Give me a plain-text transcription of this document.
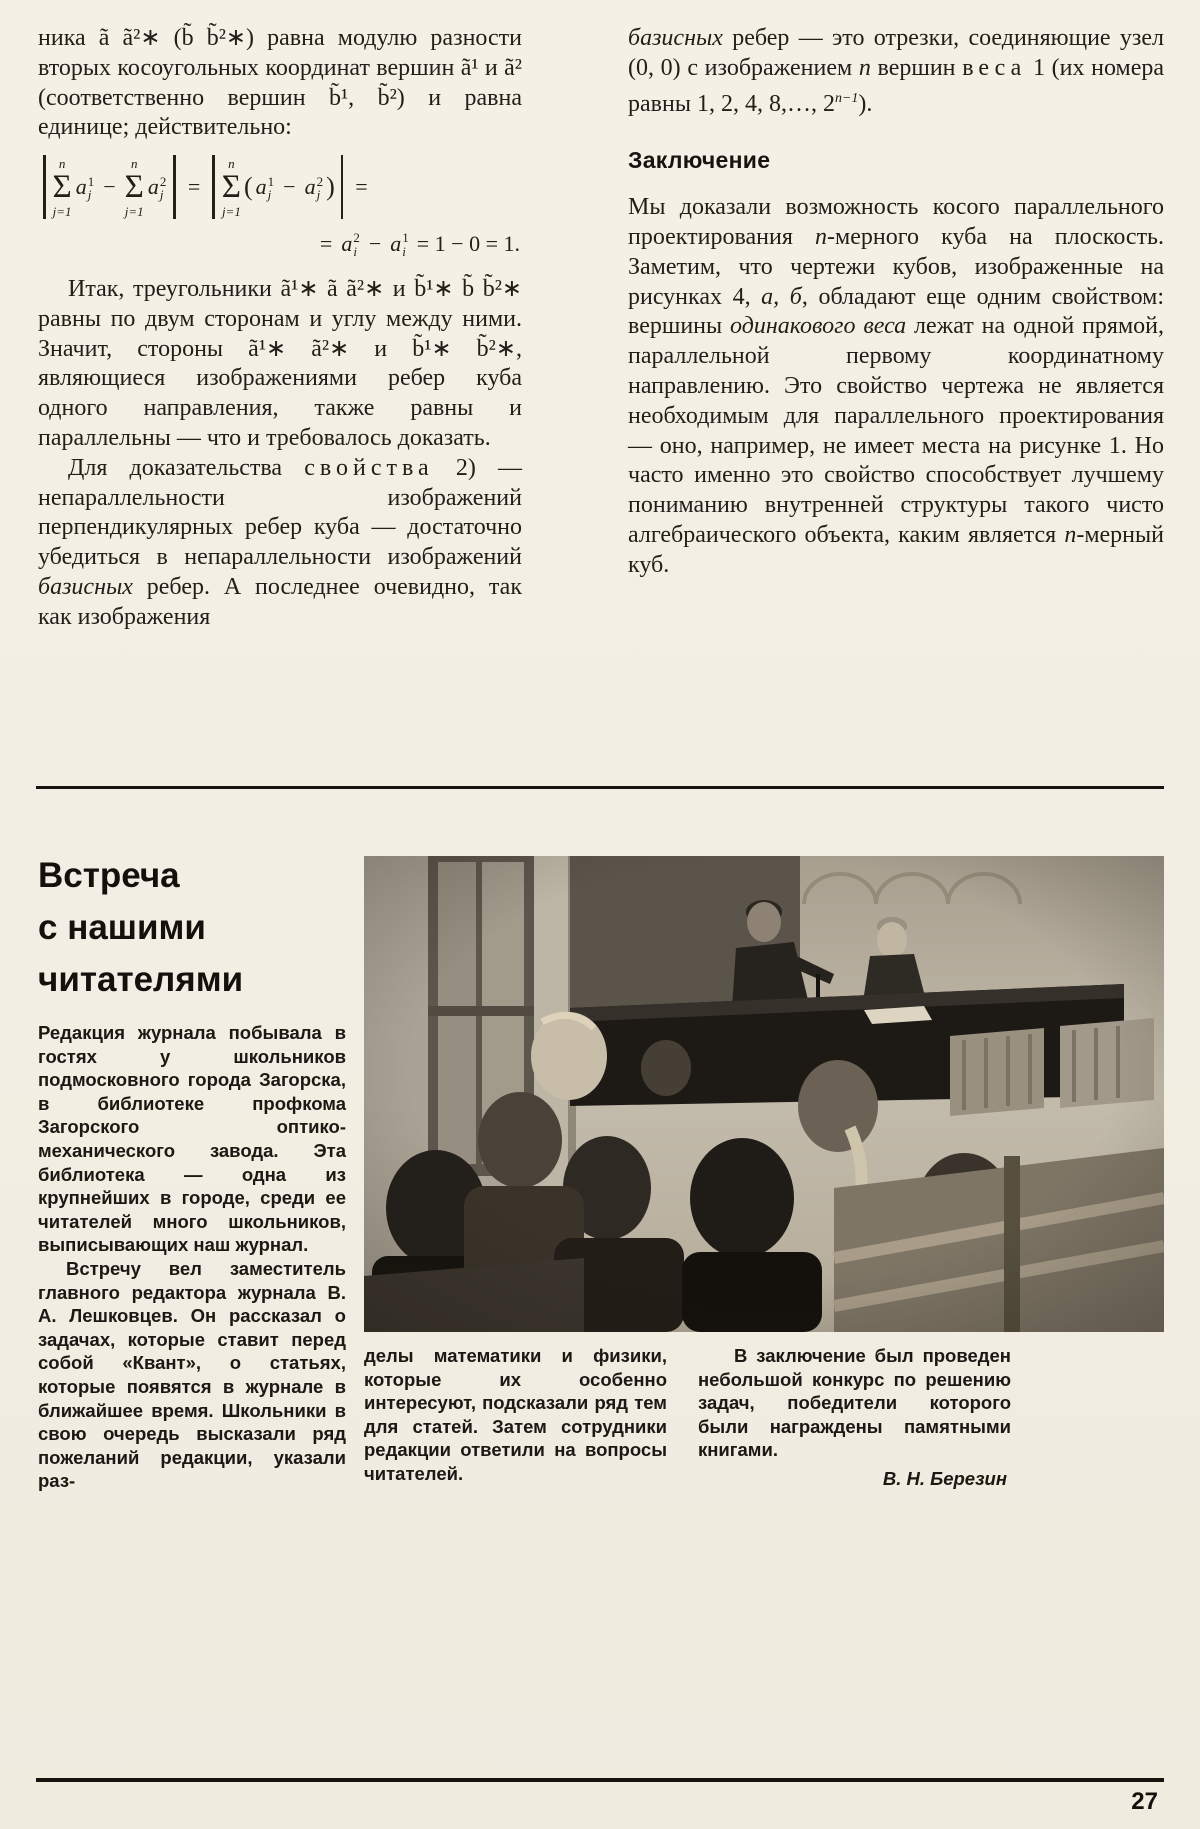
ника ã ã²∗ (b̃ b̃²∗) равна модулю разности вторых косоугольных координат вершин ã¹ и ã² (соответственно вершин b̃¹, b̃²) и равна единице; действительно:

n
Σ
j=1
a 1
j −
n
Σ
j=1
a 2
j =
n
Σ
j=1
( a 1
j − a 2
j ) =
= a 2
i − a 1
i = 1 − 0 = 1.

Итак, треугольники ã¹∗ ã ã²∗ и b̃¹∗ b̃ b̃²∗ равны по двум сторонам и углу между ними. Значит, стороны ã¹∗ ã²∗ и b̃¹∗ b̃²∗, являющиеся изображениями ребер куба одного направления, также равны и параллельны — что и требовалось доказать.

Для доказательства свойства 2) — непараллельности изображений перпендикулярных ребер куба — достаточно убедиться в непараллельности изображений базисных ребер. А последнее очевидно, так как изображения

базисных ребер — это отрезки, соединяющие узел (0, 0) с изображением n вершин веса 1 (их номера равны 1, 2, 4, 8,…, $2^{n-1}$).

Заключение

Мы доказали возможность косого параллельного проектирования n-мерного куба на плоскость. Заметим, что чертежи кубов, изображенные на рисунках 4, а, б, обладают еще одним свойством: вершины одинакового веса лежат на одной прямой, параллельной первому координатному направлению. Это свойство чертежа не является необходимым для параллельного проектирования — оно, например, не имеет места на рисунке 1. Но часто именно это свойство способствует лучшему пониманию внутренней структуры такого чисто алгебраического объекта, каким является n-мерный куб.

Встреча
с нашими
читателями

Редакция журнала побывала в гостях у школьников подмосковного города Загорска, в библиотеке профкома Загорского оптико-механического завода. Эта библиотека — одна из крупнейших в городе, среди ее читателей много школьников, выписывающих наш журнал.

Встречу вел заместитель главного редактора журнала В. А. Лешковцев. Он рассказал о задачах, которые ставит перед собой «Квант», о статьях, которые появятся в журнале в ближайшее время. Школьники в свою очередь высказали ряд пожеланий редакции, указали раз-

делы математики и физики, которые их особенно интересуют, подсказали ряд тем для статей. Затем сотрудники редакции ответили на вопросы читателей.

В заключение был проведен небольшой конкурс по решению задач, победители которого были награждены памятными книгами.

В. Н. Березин
27
